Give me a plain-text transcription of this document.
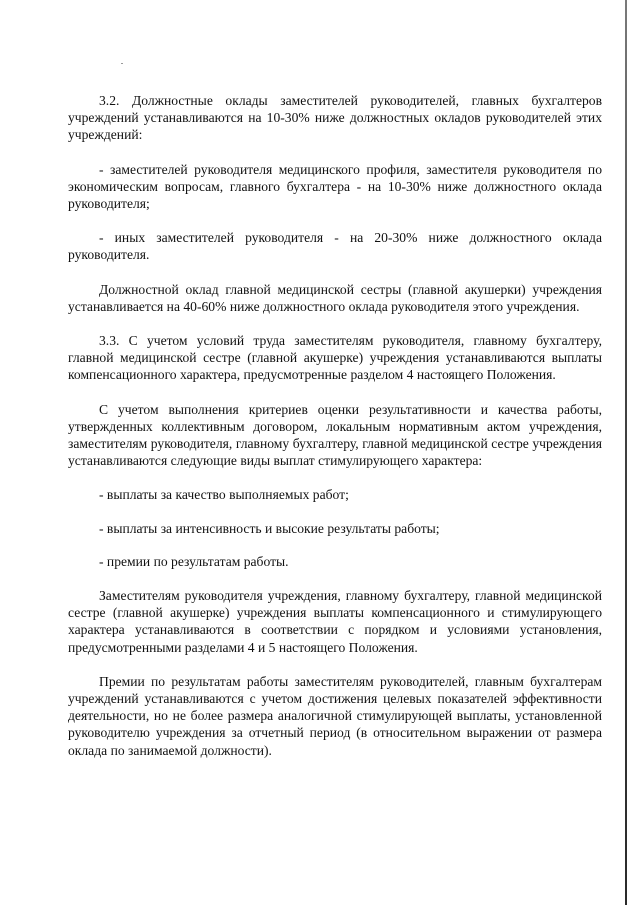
3.2. Должностные оклады заместителей руководителей, главных бухгалтеров учреждений устанавливаются на 10-30% ниже должностных окладов руководителей этих учреждений:

- заместителей руководителя медицинского профиля, заместителя руководителя по экономическим вопросам, главного бухгалтера - на 10-30% ниже должностного оклада руководителя;

- иных заместителей руководителя - на 20-30% ниже должностного оклада руководителя.

Должностной оклад главной медицинской сестры (главной акушерки) учреждения устанавливается на 40-60% ниже должностного оклада руководителя этого учреждения.

3.3. С учетом условий труда заместителям руководителя, главному бухгалтеру, главной медицинской сестре (главной акушерке) учреждения устанавливаются выплаты компенсационного характера, предусмотренные разделом 4 настоящего Положения.

С учетом выполнения критериев оценки результативности и качества работы, утвержденных коллективным договором, локальным нормативным актом учреждения, заместителям руководителя, главному бухгалтеру, главной медицинской сестре учреждения устанавливаются следующие виды выплат стимулирующего характера:

- выплаты за качество выполняемых работ;

- выплаты за интенсивность и высокие результаты работы;

- премии по результатам работы.

Заместителям руководителя учреждения, главному бухгалтеру, главной медицинской сестре (главной акушерке) учреждения выплаты компенсационного и стимулирующего характера устанавливаются в соответствии с порядком и условиями установления, предусмотренными разделами 4 и 5 настоящего Положения.

Премии по результатам работы заместителям руководителей, главным бухгалтерам учреждений устанавливаются с учетом достижения целевых показателей эффективности деятельности, но не более размера аналогичной стимулирующей выплаты, установленной руководителю учреждения за отчетный период (в относительном выражении от размера оклада по занимаемой должности).
